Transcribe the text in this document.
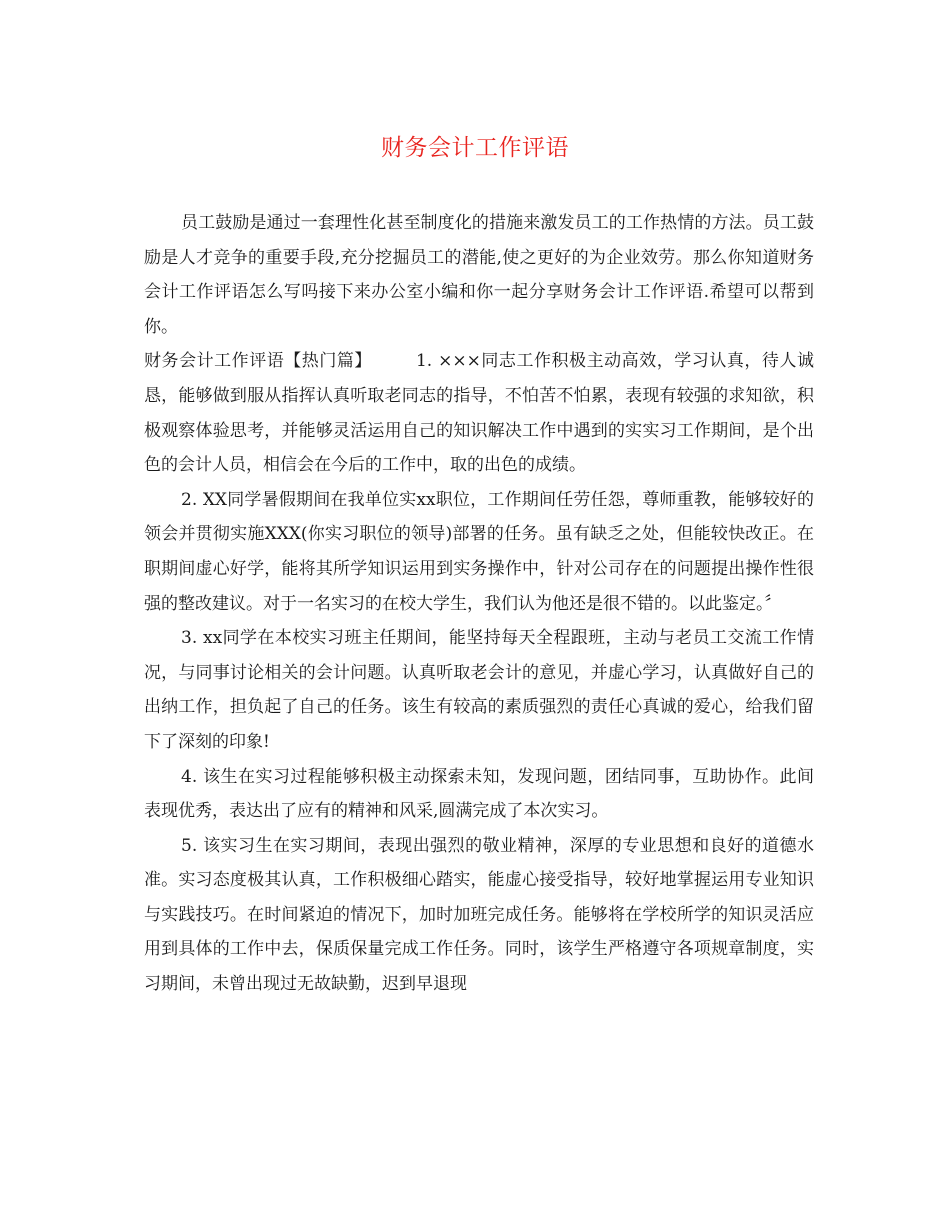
财务会计工作评语

员工鼓励是通过一套理性化甚至制度化的措施来激发员工的工作热情的方法。员工鼓励是人才竞争的重要手段,充分挖掘员工的潜能,使之更好的为企业效劳。那么你知道财务会计工作评语怎么写吗接下来办公室小编和你一起分享财务会计工作评语.希望可以帮到你。

财务会计工作评语【热门篇】	1. ×××同志工作积极主动高效，学习认真，待人诚恳，能够做到服从指挥认真听取老同志的指导，不怕苦不怕累，表现有较强的求知欲，积极观察体验思考，并能够灵活运用自己的知识解决工作中遇到的实实习工作期间，是个出色的会计人员，相信会在今后的工作中，取的出色的成绩。

2. XX同学暑假期间在我单位实xx职位，工作期间任劳任怨，尊师重教，能够较好的领会并贯彻实施XXX(你实习职位的领导)部署的任务。虽有缺乏之处，但能较快改正。在职期间虚心好学，能将其所学知识运用到实务操作中，针对公司存在的问题提出操作性很强的整改建议。对于一名实习的在校大学生，我们认为他还是很不错的。以此鉴定。〞

3. xx同学在本校实习班主任期间，能坚持每天全程跟班，主动与老员工交流工作情况，与同事讨论相关的会计问题。认真听取老会计的意见，并虚心学习，认真做好自己的出纳工作，担负起了自己的任务。该生有较高的素质强烈的责任心真诚的爱心，给我们留下了深刻的印象!

4. 该生在实习过程能够积极主动探索未知，发现问题，团结同事，互助协作。此间表现优秀，表达出了应有的精神和风采,圆满完成了本次实习。

5. 该实习生在实习期间，表现出强烈的敬业精神，深厚的专业思想和良好的道德水准。实习态度极其认真，工作积极细心踏实，能虚心接受指导，较好地掌握运用专业知识与实践技巧。在时间紧迫的情况下，加时加班完成任务。能够将在学校所学的知识灵活应用到具体的工作中去，保质保量完成工作任务。同时，该学生严格遵守各项规章制度，实习期间，未曾出现过无故缺勤，迟到早退现
